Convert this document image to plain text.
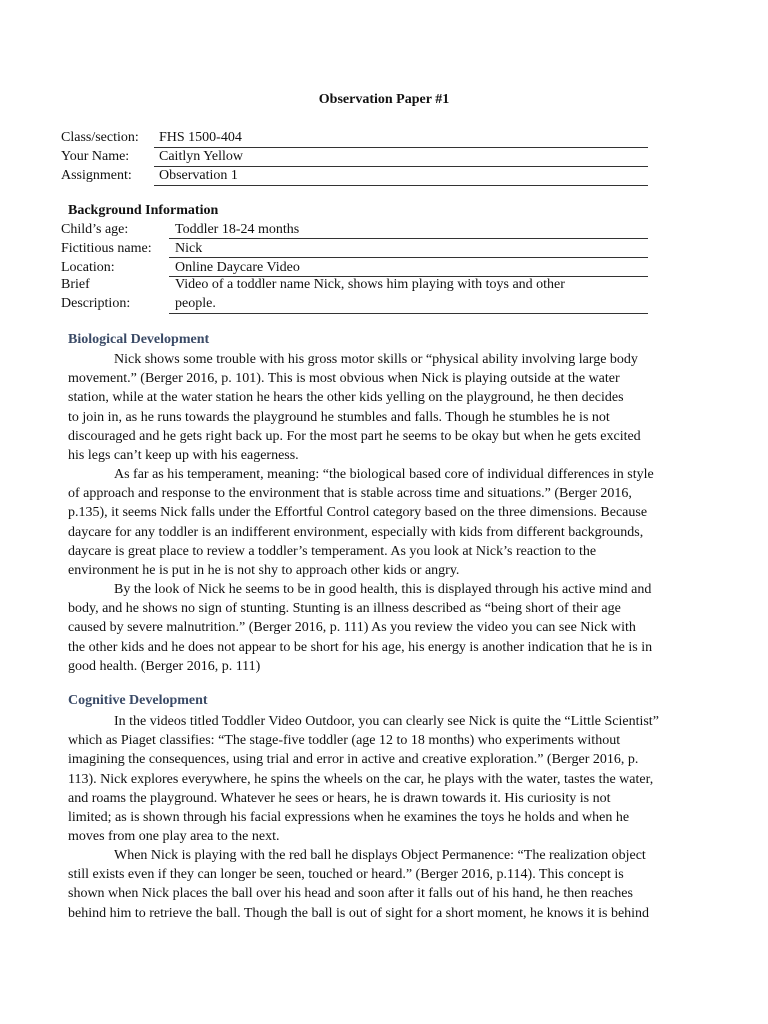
Observation Paper #1
Class/section: FHS 1500-404
Your Name: Caitlyn Yellow
Assignment: Observation 1
Background Information
Child’s age:	Toddler 18-24 months
Fictitious name: Nick
Location:	Online Daycare Video
Brief
Description:
Video of a toddler name Nick, shows him playing with toys and other
people.
Biological Development
Nick shows some trouble with his gross motor skills or “physical ability involving large body
movement.” (Berger 2016, p. 101). This is most obvious when Nick is playing outside at the water
station, while at the water station he hears the other kids yelling on the playground, he then decides
to join in, as he runs towards the playground he stumbles and falls. Though he stumbles he is not
discouraged and he gets right back up. For the most part he seems to be okay but when he gets excited
his legs can’t keep up with his eagerness.
As far as his temperament, meaning: “the biological based core of individual differences in style
of approach and response to the environment that is stable across time and situations.” (Berger 2016,
p.135), it seems Nick falls under the Effortful Control category based on the three dimensions. Because
daycare for any toddler is an indifferent environment, especially with kids from different backgrounds,
daycare is great place to review a toddler’s temperament. As you look at Nick’s reaction to the
environment he is put in he is not shy to approach other kids or angry.
By the look of Nick he seems to be in good health, this is displayed through his active mind and
body, and he shows no sign of stunting. Stunting is an illness described as “being short of their age
caused by severe malnutrition.” (Berger 2016, p. 111) As you review the video you can see Nick with
the other kids and he does not appear to be short for his age, his energy is another indication that he is in
good health. (Berger 2016, p. 111)
Cognitive Development
In the videos titled Toddler Video Outdoor, you can clearly see Nick is quite the “Little Scientist”
which as Piaget classifies: “The stage-five toddler (age 12 to 18 months) who experiments without
imagining the consequences, using trial and error in active and creative exploration.” (Berger 2016, p.
113). Nick explores everywhere, he spins the wheels on the car, he plays with the water, tastes the water,
and roams the playground. Whatever he sees or hears, he is drawn towards it. His curiosity is not
limited; as is shown through his facial expressions when he examines the toys he holds and when he
moves from one play area to the next.
When Nick is playing with the red ball he displays Object Permanence: “The realization object
still exists even if they can longer be seen, touched or heard.” (Berger 2016, p.114). This concept is
shown when Nick places the ball over his head and soon after it falls out of his hand, he then reaches
behind him to retrieve the ball. Though the ball is out of sight for a short moment, he knows it is behind
